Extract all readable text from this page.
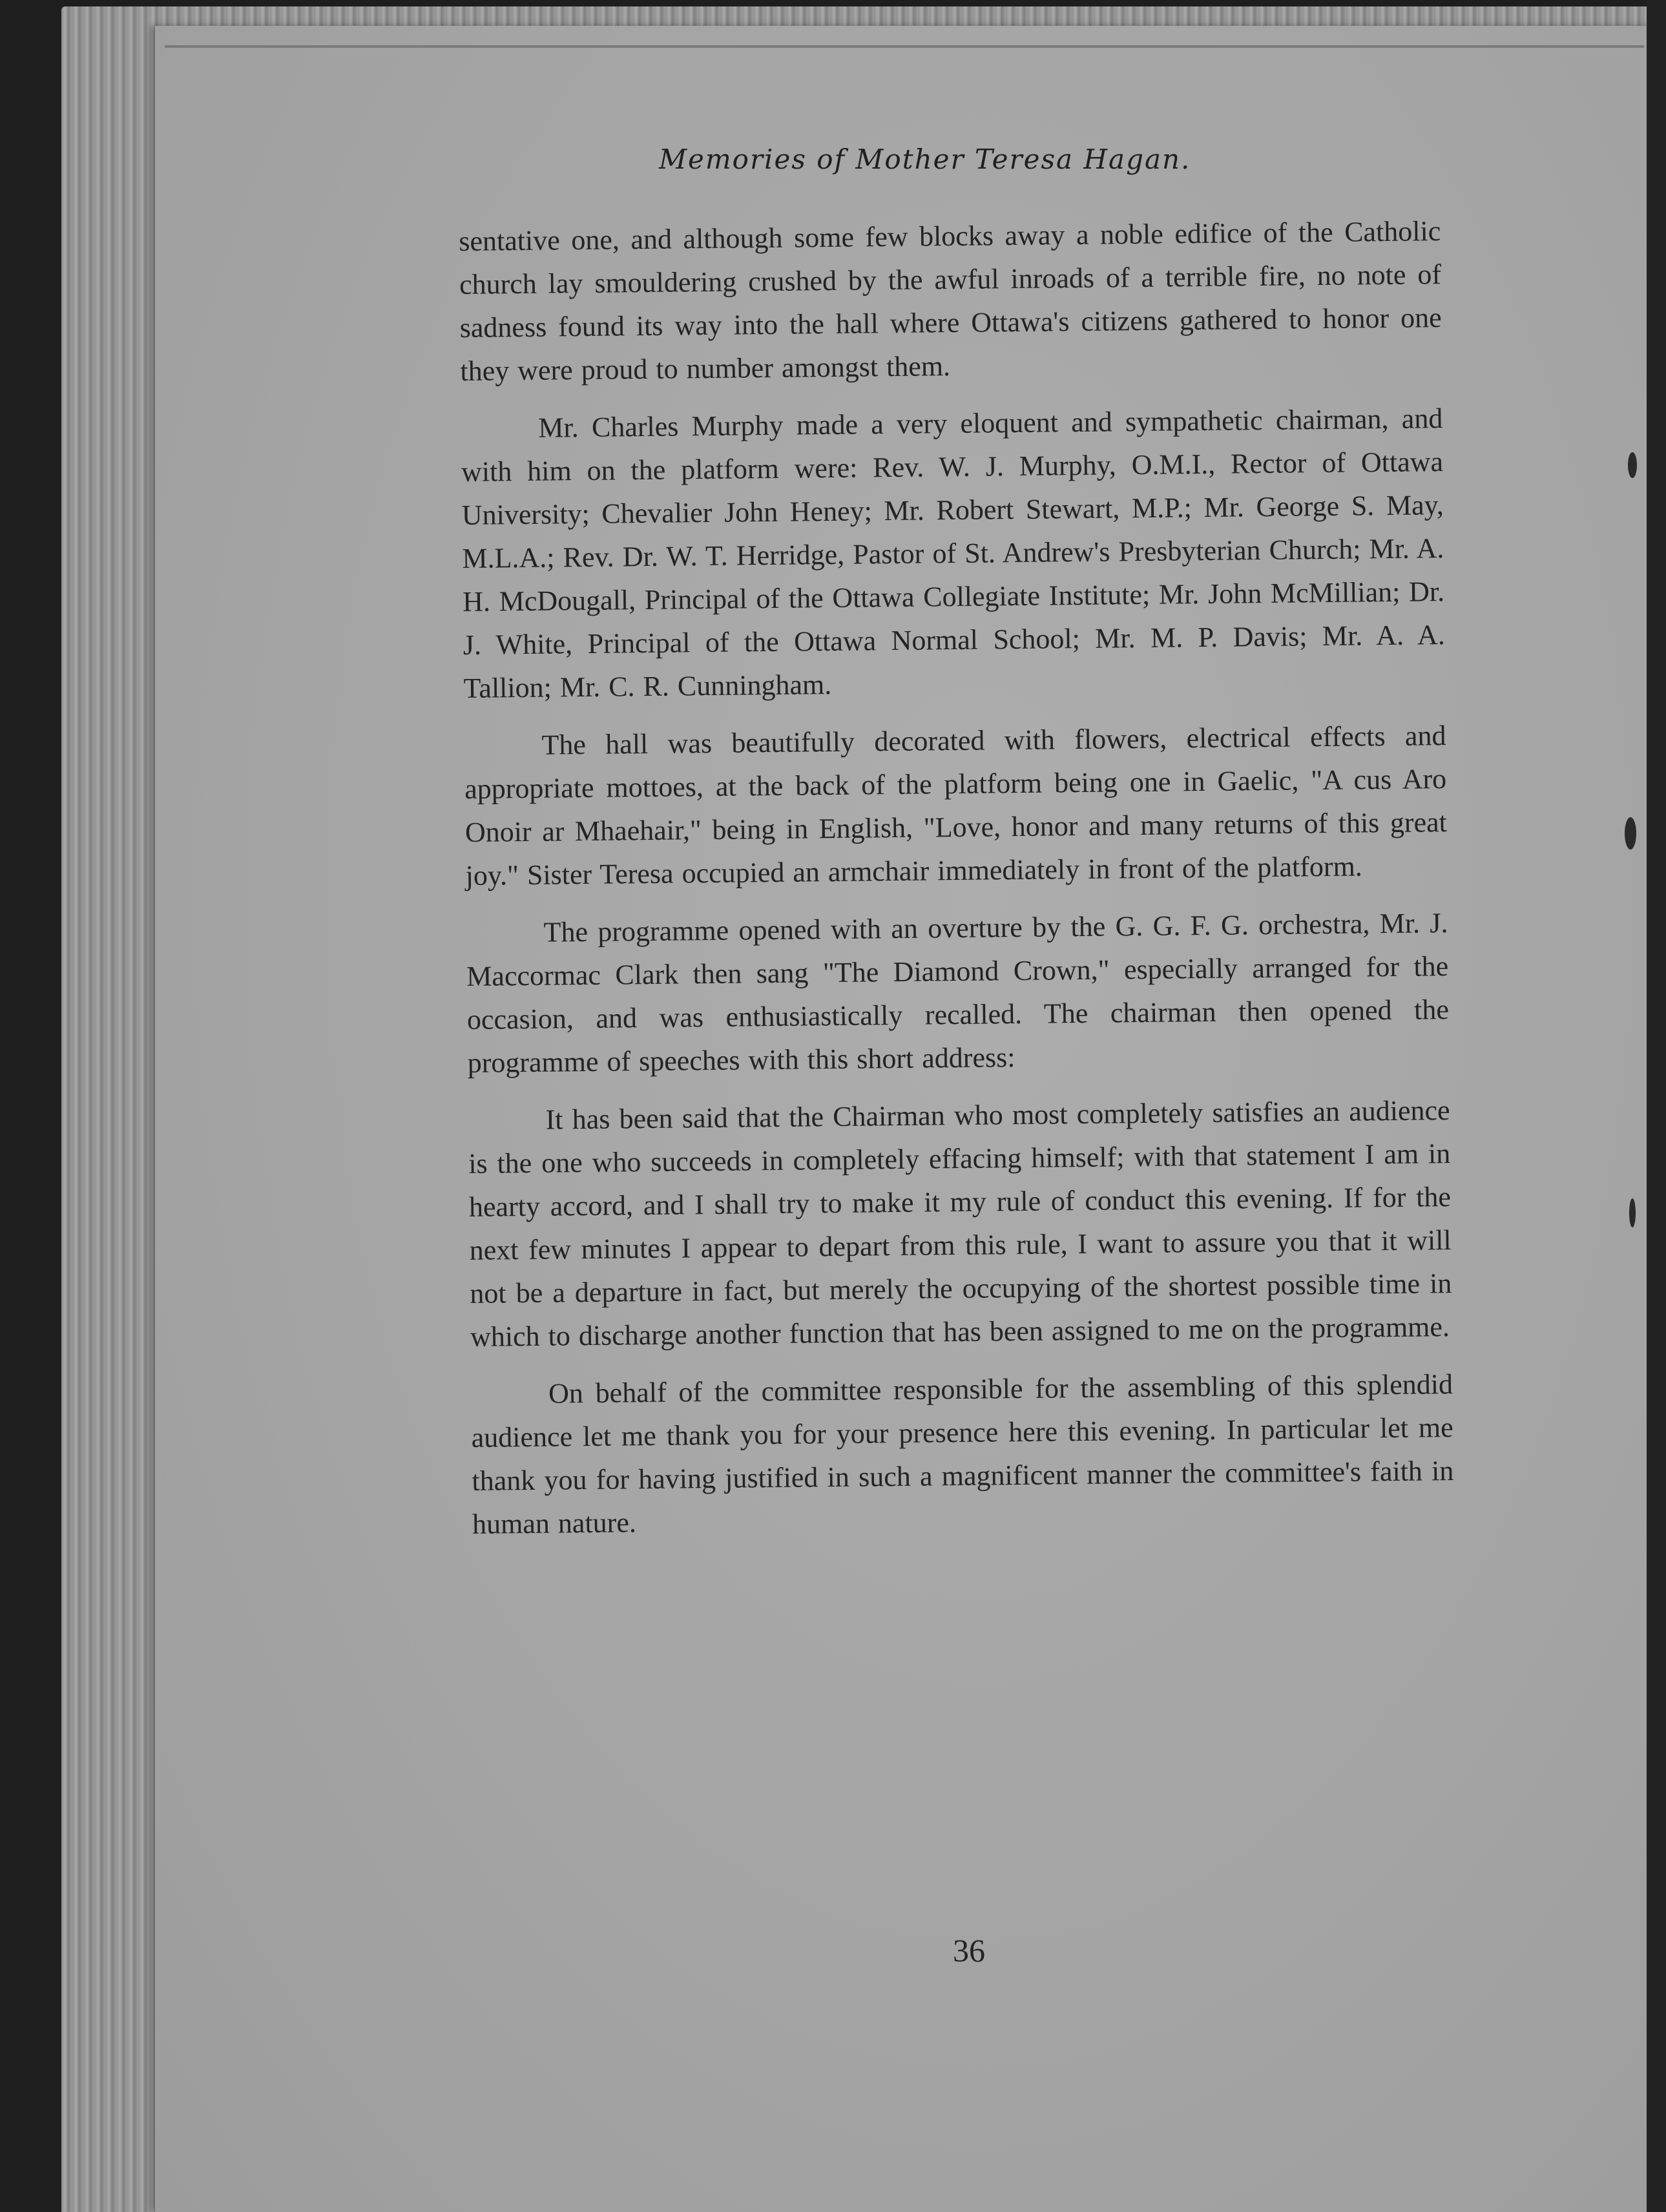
Memories of Mother Teresa Hagan.

sentative one, and although some few blocks away a noble edifice of the Catholic church lay smouldering crushed by the awful inroads of a terrible fire, no note of sadness found its way into the hall where Ottawa's citizens gathered to honor one they were proud to number amongst them.

Mr. Charles Murphy made a very eloquent and sympathetic chairman, and with him on the platform were: Rev. W. J. Murphy, O.M.I., Rector of Ottawa University; Chevalier John Heney; Mr. Robert Stewart, M.P.; Mr. George S. May, M.L.A.; Rev. Dr. W. T. Herridge, Pastor of St. Andrew's Presbyterian Church; Mr. A. H. McDougall, Principal of the Ottawa Collegiate Institute; Mr. John McMillian; Dr. J. White, Principal of the Ottawa Normal School; Mr. M. P. Davis; Mr. A. A. Tallion; Mr. C. R. Cunningham.

The hall was beautifully decorated with flowers, electrical effects and appropriate mottoes, at the back of the platform being one in Gaelic, "A cus Aro Onoir ar Mhaehair," being in English, "Love, honor and many returns of this great joy." Sister Teresa occupied an armchair immediately in front of the platform.

The programme opened with an overture by the G. G. F. G. orchestra, Mr. J. Maccormac Clark then sang "The Diamond Crown," especially arranged for the occasion, and was enthusiastically recalled. The chairman then opened the programme of speeches with this short address:

It has been said that the Chairman who most completely satisfies an audience is the one who succeeds in completely effacing himself; with that statement I am in hearty accord, and I shall try to make it my rule of conduct this evening. If for the next few minutes I appear to depart from this rule, I want to assure you that it will not be a departure in fact, but merely the occupying of the shortest possible time in which to discharge another function that has been assigned to me on the programme.

On behalf of the committee responsible for the assembling of this splendid audience let me thank you for your presence here this evening. In particular let me thank you for having justified in such a magnificent manner the committee's faith in human nature.

36
